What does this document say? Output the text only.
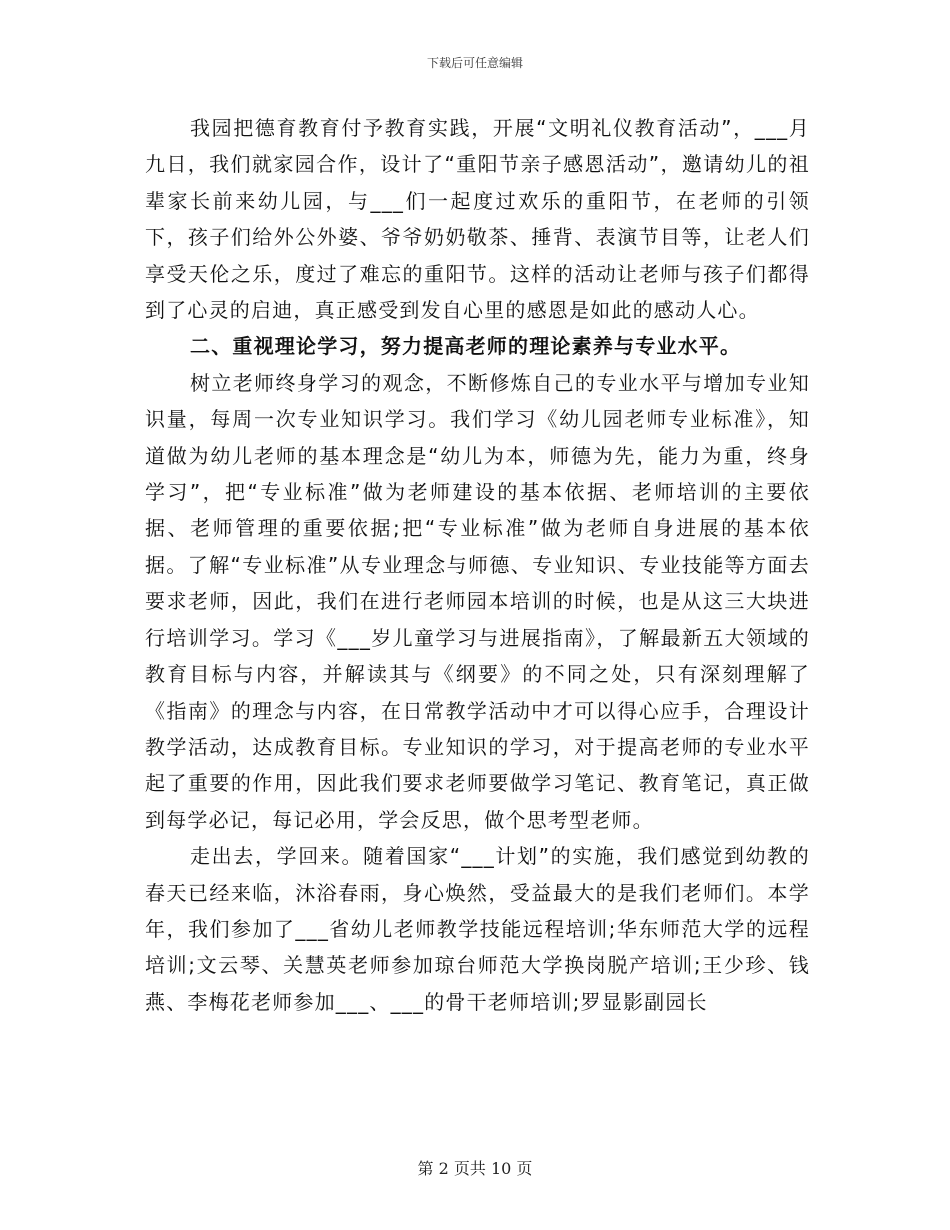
下载后可任意编辑

我园把德育教育付予教育实践，开展“文明礼仪教育活动”，___月九日，我们就家园合作，设计了“重阳节亲子感恩活动”，邀请幼儿的祖辈家长前来幼儿园，与___们一起度过欢乐的重阳节，在老师的引领下，孩子们给外公外婆、爷爷奶奶敬茶、捶背、表演节目等，让老人们享受天伦之乐，度过了难忘的重阳节。这样的活动让老师与孩子们都得到了心灵的启迪，真正感受到发自心里的感恩是如此的感动人心。

二、重视理论学习，努力提高老师的理论素养与专业水平。

树立老师终身学习的观念，不断修炼自己的专业水平与增加专业知识量，每周一次专业知识学习。我们学习《幼儿园老师专业标准》，知道做为幼儿老师的基本理念是“幼儿为本，师德为先，能力为重，终身学习”，把“专业标准”做为老师建设的基本依据、老师培训的主要依据、老师管理的重要依据;把“专业标准”做为老师自身进展的基本依据。了解“专业标准”从专业理念与师德、专业知识、专业技能等方面去要求老师，因此，我们在进行老师园本培训的时候，也是从这三大块进行培训学习。学习《___岁儿童学习与进展指南》，了解最新五大领域的教育目标与内容，并解读其与《纲要》的不同之处，只有深刻理解了《指南》的理念与内容，在日常教学活动中才可以得心应手，合理设计教学活动，达成教育目标。专业知识的学习，对于提高老师的专业水平起了重要的作用，因此我们要求老师要做学习笔记、教育笔记，真正做到每学必记，每记必用，学会反思，做个思考型老师。

走出去，学回来。随着国家“___计划”的实施，我们感觉到幼教的春天已经来临，沐浴春雨，身心焕然，受益最大的是我们老师们。本学年，我们参加了___省幼儿老师教学技能远程培训;华东师范大学的远程培训;文云琴、关慧英老师参加琼台师范大学换岗脱产培训;王少珍、钱燕、李梅花老师参加___、___的骨干老师培训;罗显影副园长

第 2 页共 10 页
